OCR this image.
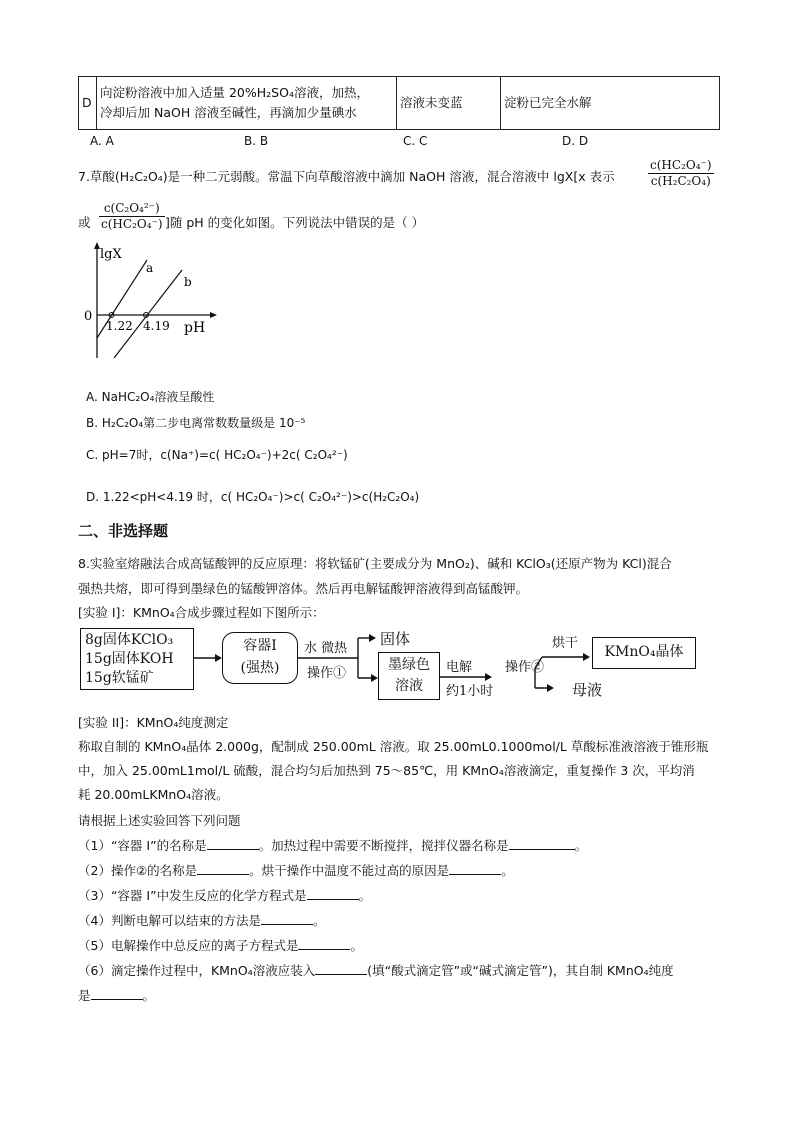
D	
向淀粉溶液中加入适量 20%H₂SO₄溶液，加热，
冷却后加 NaOH 溶液至碱性，再滴加少量碘水
	溶液未变蓝	淀粉已完全水解
A. A	B. B	C. C	D. D
7.草酸(H₂C₂O₄)是一种二元弱酸。常温下向草酸溶液中滴加 NaOH 溶液，混合溶液中 lgX[x 表示	$\frac{\text{c(HC₂O₄⁻)}}{\text{c(H₂C₂O₄)}}$
或 $\frac{\text{c(C₂O₄²⁻)}}{\text{c(HC₂O₄⁻)}}$ ]随 pH 的变化如图。下列说法中错误的是（ ）
lgX
0
a
b
1.22 4.19 pH
A. NaHC₂O₄溶液呈酸性
B. H₂C₂O₄第二步电离常数数量级是 10⁻⁵
C. pH=7时，c(Na⁺)=c( HC₂O₄⁻)+2c( C₂O₄²⁻)
D. 1.22<pH<4.19 时，c( HC₂O₄⁻)>c( C₂O₄²⁻)>c(H₂C₂O₄)
二、非选择题
8.实验室熔融法合成高锰酸钾的反应原理：将软锰矿(主要成分为 MnO₂)、碱和 KClO₃(还原产物为 KCl)混合
强热共熔，即可得到墨绿色的锰酸钾溶体。然后再电解锰酸钾溶液得到高锰酸钾。
[实验 I]：KMnO₄合成步骤过程如下图所示：
8g固体KClO₃
15g固体KOH
15g软锰矿
容器I
(强热)	墨绿色
溶液
KMnO₄晶体
水 微热
操作①
固体
电解
约1小时
操作②
烘干
母液
[实验 II]：KMnO₄纯度测定
称取自制的 KMnO₄晶体 2.000g，配制成 250.00mL 溶液。取 25.00mL0.1000mol/L 草酸标准液溶液于锥形瓶
中，加入 25.00mL1mol/L 硫酸，混合均匀后加热到 75～85℃，用 KMnO₄溶液滴定，重复操作 3 次，平均消
耗 20.00mLKMnO₄溶液。
请根据上述实验回答下列问题
（1）“容器 I”的名称是	。加热过程中需要不断搅拌，搅拌仪器名称是	。
（2）操作②的名称是	。烘干操作中温度不能过高的原因是	。
（3）“容器 I”中发生反应的化学方程式是	。
（4）判断电解可以结束的方法是	。
（5）电解操作中总反应的离子方程式是	。
（6）滴定操作过程中，KMnO₄溶液应装入	(填“酸式滴定管”或“碱式滴定管”)，其自制 KMnO₄纯度
是	。
